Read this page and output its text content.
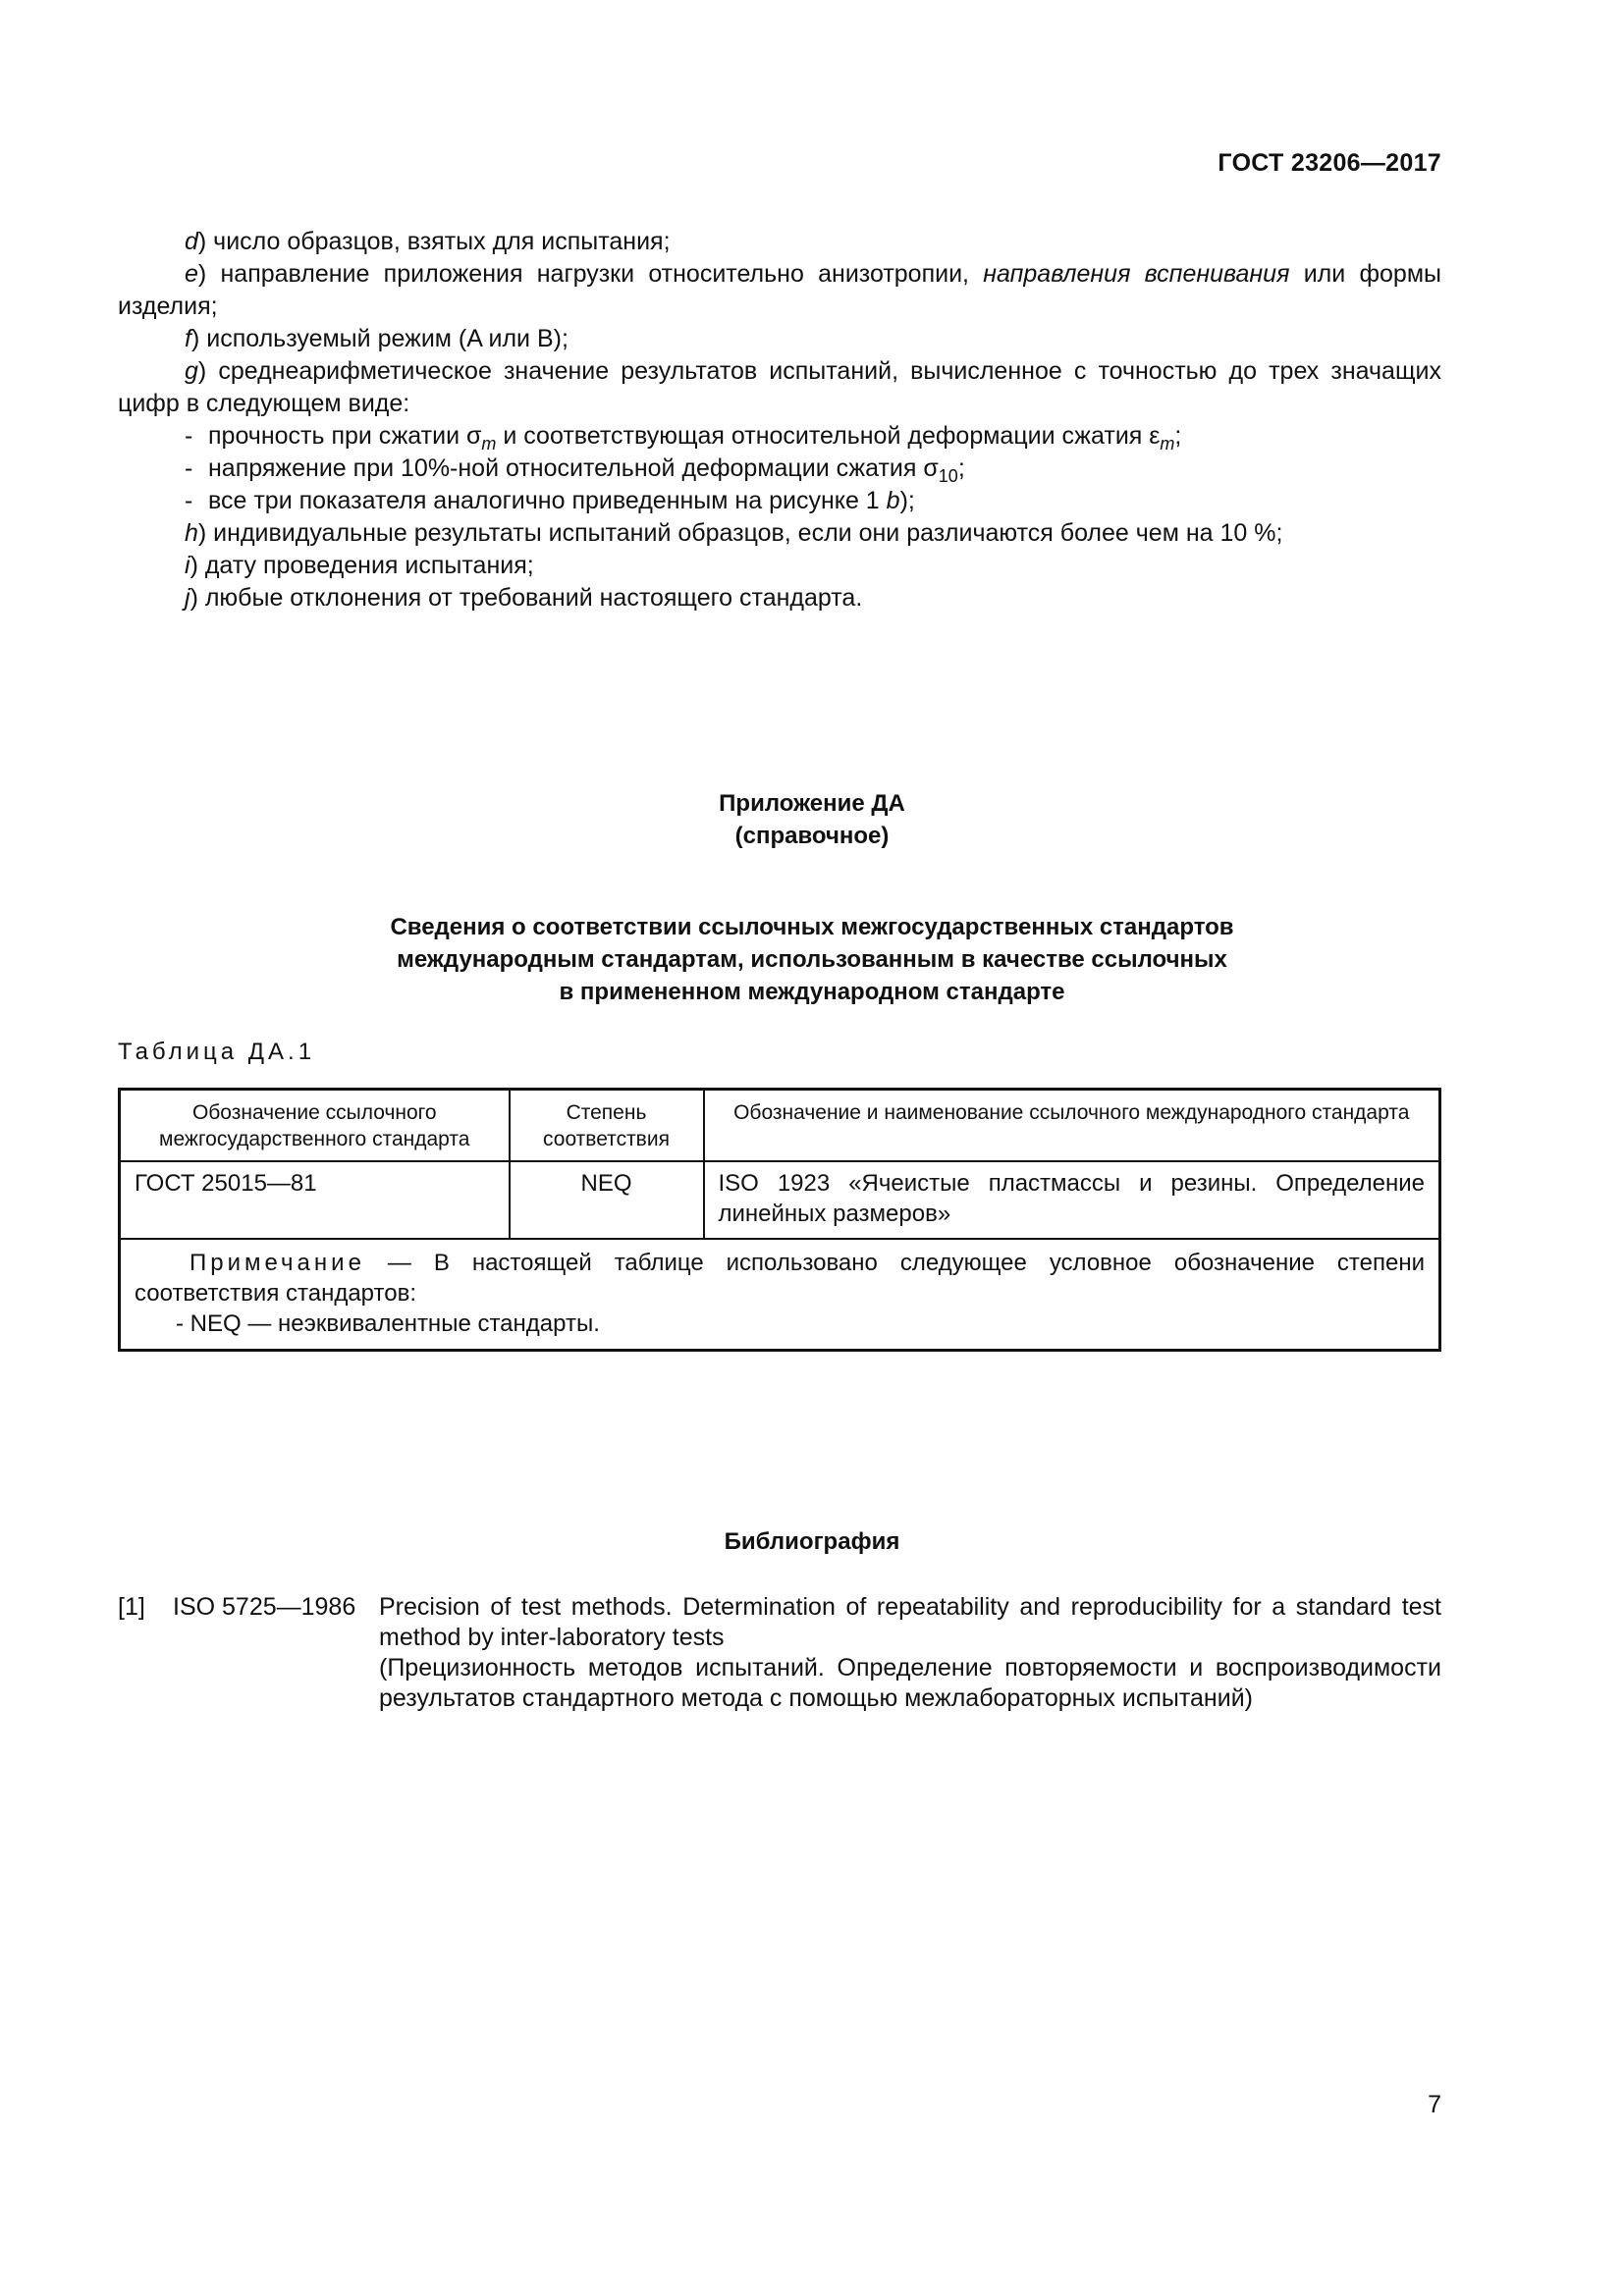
ГОСТ 23206—2017

d) число образцов, взятых для испытания;

e) направление приложения нагрузки относительно анизотропии, направления вспенивания или формы изделия;

f) используемый режим (A или B);

g) среднеарифметическое значение результатов испытаний, вычисленное с точностью до трех значащих цифр в следующем виде:

- прочность при сжатии $\sigma_m$ и соответствующая относительной деформации сжатия $\varepsilon_m$;
- напряжение при 10%-ной относительной деформации сжатия $\sigma_{10}$;
- все три показателя аналогично приведенным на рисунке 1 b);

h) индивидуальные результаты испытаний образцов, если они различаются более чем на 10 %;

i) дату проведения испытания;

j) любые отклонения от требований настоящего стандарта.

Приложение ДА
(справочное)
Сведения о соответствии ссылочных межгосударственных стандартов
международным стандартам, использованным в качестве ссылочных
в примененном международном стандарте
Таблица ДА.1
Обозначение ссылочного межгосударственного стандарта	Степень соответствия	Обозначение и наименование ссылочного международного стандарта
ГОСТ 25015—81	NEQ	ISO 1923 «Ячеистые пластмассы и резины. Определение линейных размеров»

Примечание — В настоящей таблице использовано следующее условное обозначение степени соответствия стандартов:
- NEQ — неэквивалентные стандарты.		
Библиография
[1]	ISO 5725—1986 Precision of test methods. Determination of repeatability and reproducibility for a standard test method by inter-laboratory tests
(Прецизионность методов испытаний. Определение повторяемости и воспроизводимости результатов стандартного метода с помощью межлабораторных испытаний)
7
